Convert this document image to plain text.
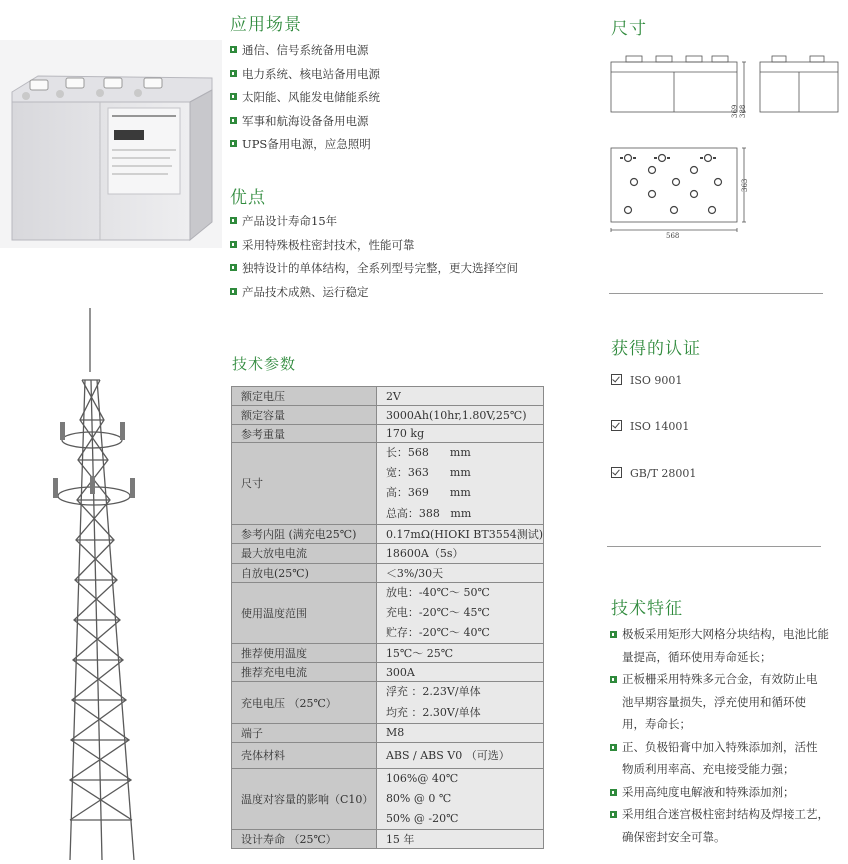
应用场景
通信、信号系统备用电源
电力系统、核电站备用电源
太阳能、风能发电储能系统
军事和航海设备备用电源
UPS备用电源，应急照明
优点
产品设计寿命15年
采用特殊极柱密封技术，性能可靠
独特设计的单体结构，全系列型号完整，更大选择空间
产品技术成熟、运行稳定
技术参数
额定电压	2V

额定容量	3000Ah(10hr,1.80V,25℃)

参考重量	170 kg

尺寸	长：568      mm
宽：363      mm
高：369      mm
总高：388   mm

参考内阻 (满充电25℃)	0.17mΩ(HIOKI BT3554测试)

最大放电电流	18600A（5s）

自放电(25℃)	＜3%/30天

使用温度范围	放电：-40℃～ 50℃
充电：-20℃～ 45℃
贮存：-20℃～ 40℃

推荐使用温度	15℃～ 25℃

推荐充电电流	300A

充电电压 （25℃）	浮充 ：2.23V/单体
均充 ：2.30V/单体

端子	M8

壳体材料	ABS / ABS V0 （可选）

温度对容量的影响（C10）	106%@ 40℃
80% @ 0 ℃
50% @ -20℃

设计寿命 （25℃）	15 年
尺寸
363
369 388
568
获得的认证
ISO 9001
ISO 14001
GB/T 28001
技术特征
极板采用矩形大网格分块结构，电池比能
量提高，循环使用寿命延长；
正板栅采用特殊多元合金，有效防止电
池早期容量损失，浮充使用和循环使
用，寿命长；
正、负极铅膏中加入特殊添加剂，活性
物质利用率高、充电接受能力强；
采用高纯度电解液和特殊添加剂；
采用组合迷宫极柱密封结构及焊接工艺，
确保密封安全可靠。
